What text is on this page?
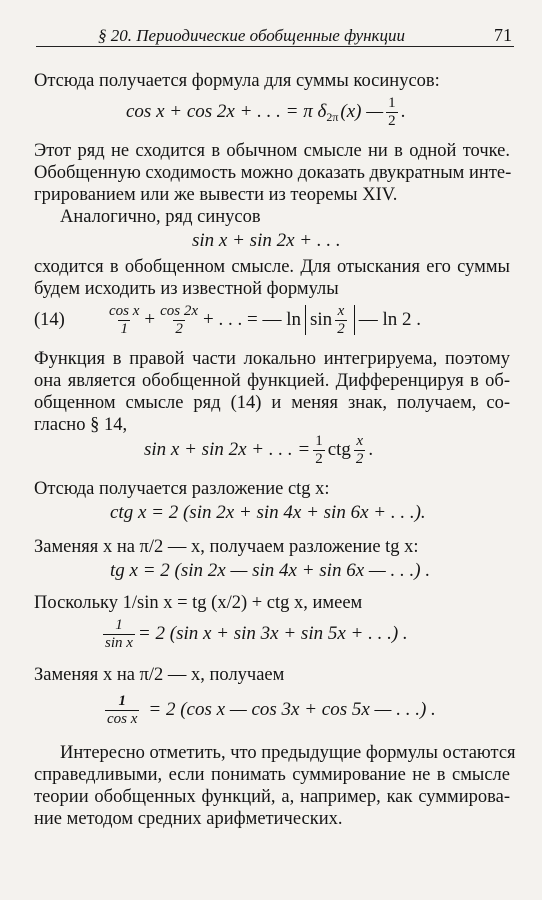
§ 20. Периодические обобщенные функции	71
Отсюда получается формула для суммы косинусов:
cos x + cos 2x + . . . = π $\delta_{2\pi}$ (x) — $\frac{1}{2}$ .
Этот ряд не сходится в обычном смысле ни в одной точке.
Обобщенную сходимость можно доказать двукратным инте-
грированием или же вывести из теоремы XIV.
Аналогично, ряд синусов
sin x + sin 2x + . . .
сходится в обобщенном смысле. Для отыскания его суммы
будем исходить из известной формулы
(14)	$\frac{\text{cos x}}{1} + \frac{\cos 2x}{2}$ + . . . = — $\ln \sin \frac{x}{2}$ — ln 2 .
Функция в правой части локально интегрируема, поэтому
она является обобщенной функцией. Дифференцируя в об-
общенном смысле ряд (14) и меняя знак, получаем, со-
гласно § 14,
sin x + sin 2x + . . . = $\frac{1}{2}$ ctg $\frac{x}{2}$ .
Отсюда получается разложение ctg x:
ctg x = 2 (sin 2x + sin 4x + sin 6x + . . .).
Заменяя x на π/2 — x, получаем разложение tg x:
tg x = 2 (sin 2x — sin 4x + sin 6x — . . .) .
Поскольку 1/sin x = tg (x/2) + ctg x, имеем
$\frac{1}{\text{sin x}} = 2$ (sin x + sin 3x + sin 5x + . . .) .
Заменяя x на π/2 — x, получаем
$\frac{1}{\text{cos x}} = 2$ (cos x — cos 3x + cos 5x — . . .) .
Интересно отметить, что предыдущие формулы остаются
справедливыми, если понимать суммирование не в смысле
теории обобщенных функций, а, например, как суммирова-
ние методом средних арифметических.
